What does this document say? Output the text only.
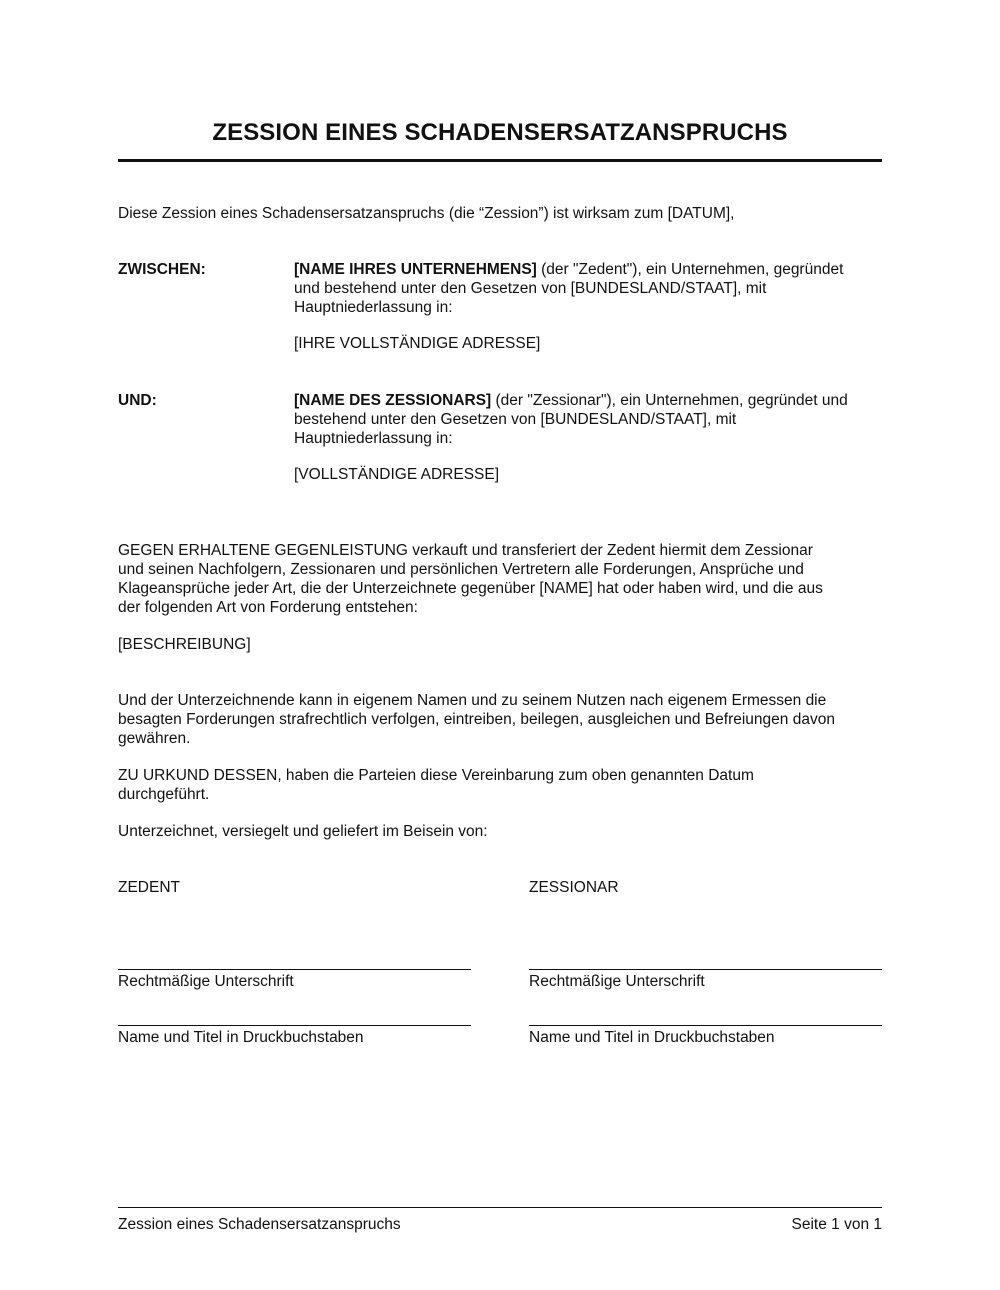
ZESSION EINES SCHADENSERSATZANSPRUCHS
Diese Zession eines Schadensersatzanspruchs (die “Zession”) ist wirksam zum [DATUM],
ZWISCHEN:	[NAME IHRES UNTERNEHMENS] (der "Zedent"), ein Unternehmen, gegründet
und bestehend unter den Gesetzen von [BUNDESLAND/STAAT], mit
Hauptniederlassung in:
[IHRE VOLLSTÄNDIGE ADRESSE]
UND:	[NAME DES ZESSIONARS] (der "Zessionar"), ein Unternehmen, gegründet und
bestehend unter den Gesetzen von [BUNDESLAND/STAAT], mit
Hauptniederlassung in:
[VOLLSTÄNDIGE ADRESSE]
GEGEN ERHALTENE GEGENLEISTUNG verkauft und transferiert der Zedent hiermit dem Zessionar
und seinen Nachfolgern, Zessionaren und persönlichen Vertretern alle Forderungen, Ansprüche und
Klageansprüche jeder Art, die der Unterzeichnete gegenüber [NAME] hat oder haben wird, und die aus
der folgenden Art von Forderung entstehen:
[BESCHREIBUNG]
Und der Unterzeichnende kann in eigenem Namen und zu seinem Nutzen nach eigenem Ermessen die
besagten Forderungen strafrechtlich verfolgen, eintreiben, beilegen, ausgleichen und Befreiungen davon
gewähren.
ZU URKUND DESSEN, haben die Parteien diese Vereinbarung zum oben genannten Datum
durchgeführt.
Unterzeichnet, versiegelt und geliefert im Beisein von:
ZEDENT
Rechtmäßige Unterschrift
Name und Titel in Druckbuchstaben
ZESSIONAR
Rechtmäßige Unterschrift
Name und Titel in Druckbuchstaben
Zession eines Schadensersatzanspruchs	Seite 1 von 1
